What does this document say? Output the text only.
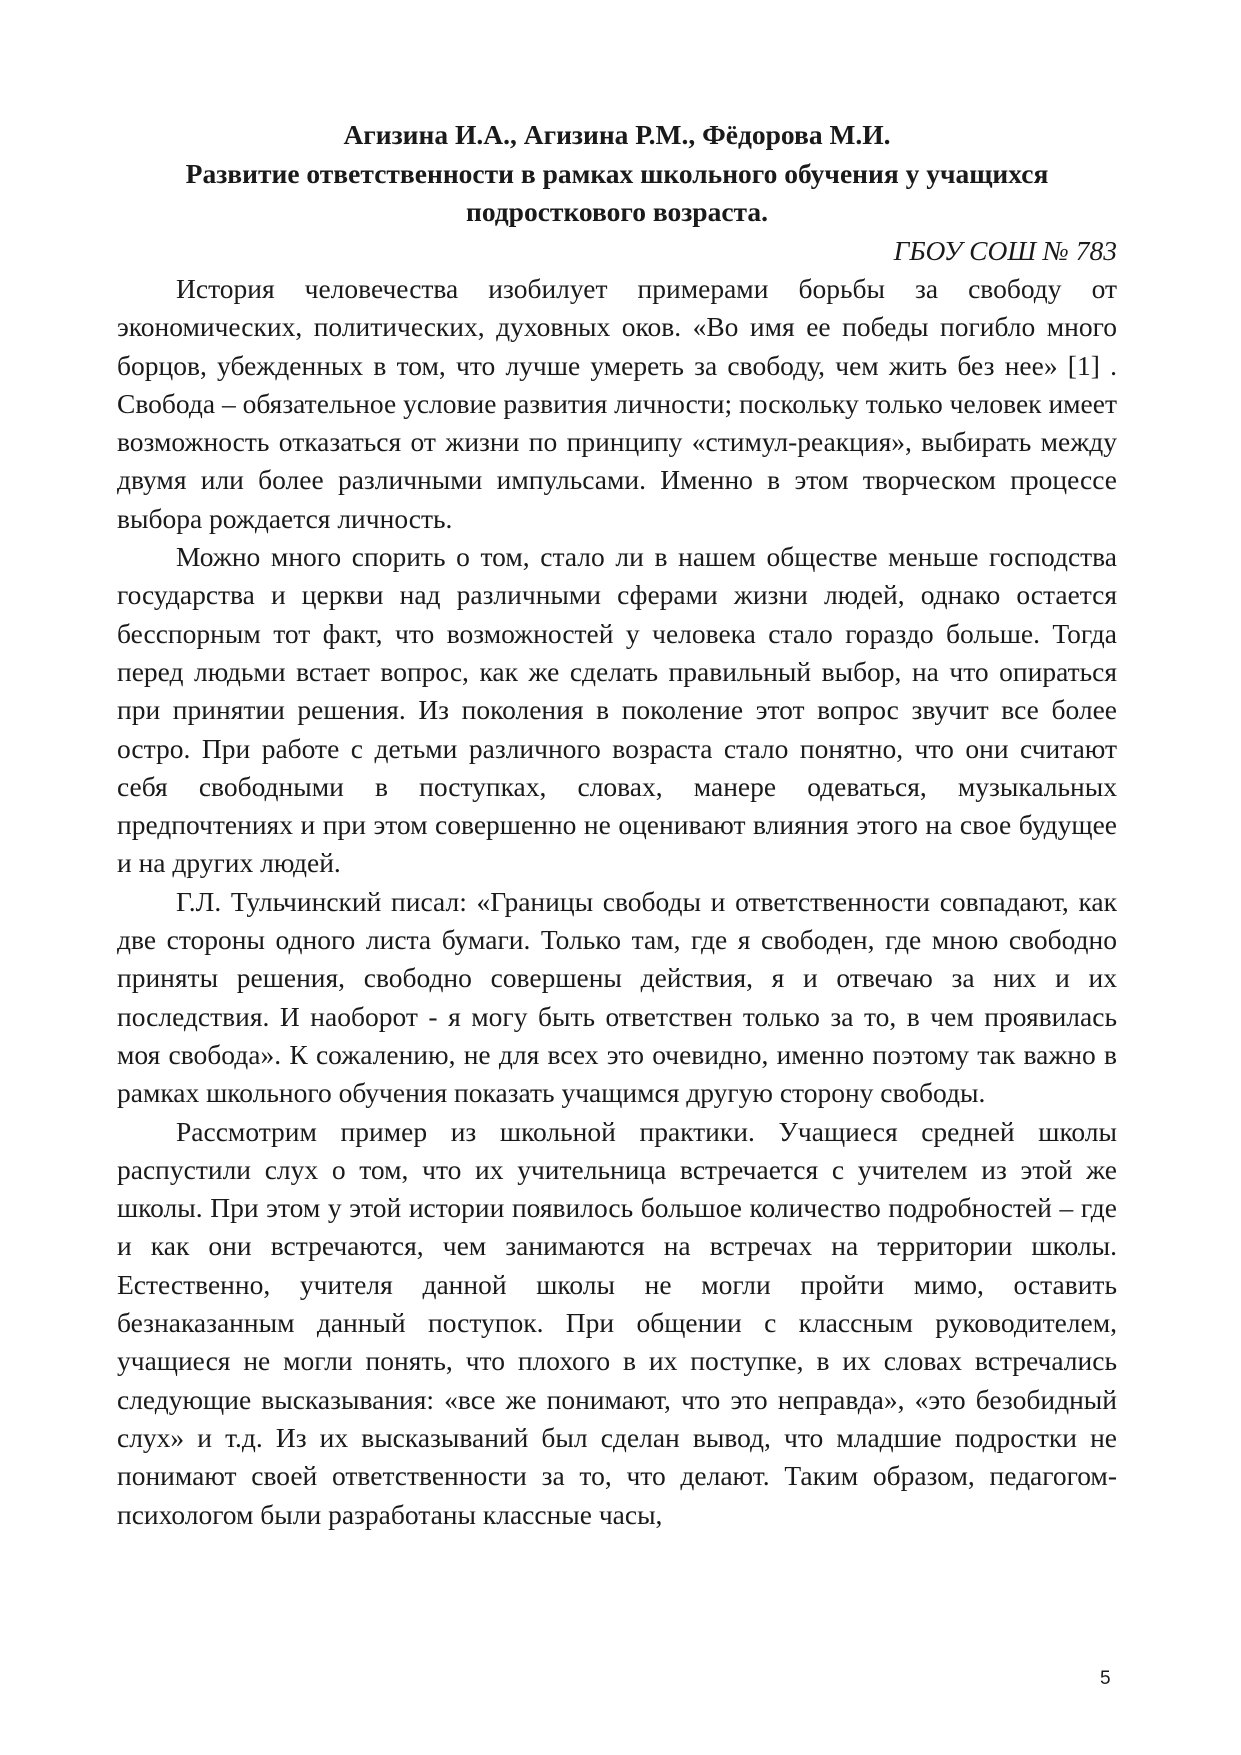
Агизина И.А., Агизина Р.М., Фёдорова М.И.

Развитие ответственности в рамках школьного обучения у учащихся подросткового возраста.

ГБОУ СОШ № 783

История человечества изобилует примерами борьбы за свободу от экономических, политических, духовных оков. «Во имя ее победы погибло много борцов, убежденных в том, что лучше умереть за свободу, чем жить без нее» [1] . Свобода – обязательное условие развития личности; поскольку только человек имеет возможность отказаться от жизни по принципу «стимул-реакция», выбирать между двумя или более различными импульсами. Именно в этом творческом процессе выбора рождается личность.

Можно много спорить о том, стало ли в нашем обществе меньше господства государства и церкви над различными сферами жизни людей, однако остается бесспорным тот факт, что возможностей у человека стало гораздо больше. Тогда перед людьми встает вопрос, как же сделать правильный выбор, на что опираться при принятии решения. Из поколения в поколение этот вопрос звучит все более остро. При работе с детьми различного возраста стало понятно, что они считают себя свободными в поступках, словах, манере одеваться, музыкальных предпочтениях и при этом совершенно не оценивают влияния этого на свое будущее и на других людей.

Г.Л. Тульчинский писал: «Границы свободы и ответственности совпадают, как две стороны одного листа бумаги. Только там, где я свободен, где мною свободно приняты решения, свободно совершены действия, я и отвечаю за них и их последствия. И наоборот - я могу быть ответствен только за то, в чем проявилась моя свобода». К сожалению, не для всех это очевидно, именно поэтому так важно в рамках школьного обучения показать учащимся другую сторону свободы.

Рассмотрим пример из школьной практики. Учащиеся средней школы распустили слух о том, что их учительница встречается с учителем из этой же школы. При этом у этой истории появилось большое количество подробностей – где и как они встречаются, чем занимаются на встречах на территории школы. Естественно, учителя данной школы не могли пройти мимо, оставить безнаказанным данный поступок. При общении с классным руководителем, учащиеся не могли понять, что плохого в их поступке, в их словах встречались следующие высказывания: «все же понимают, что это неправда», «это безобидный слух» и т.д. Из их высказываний был сделан вывод, что младшие подростки не понимают своей ответственности за то, что делают. Таким образом, педагогом-психологом были разработаны классные часы,

5
